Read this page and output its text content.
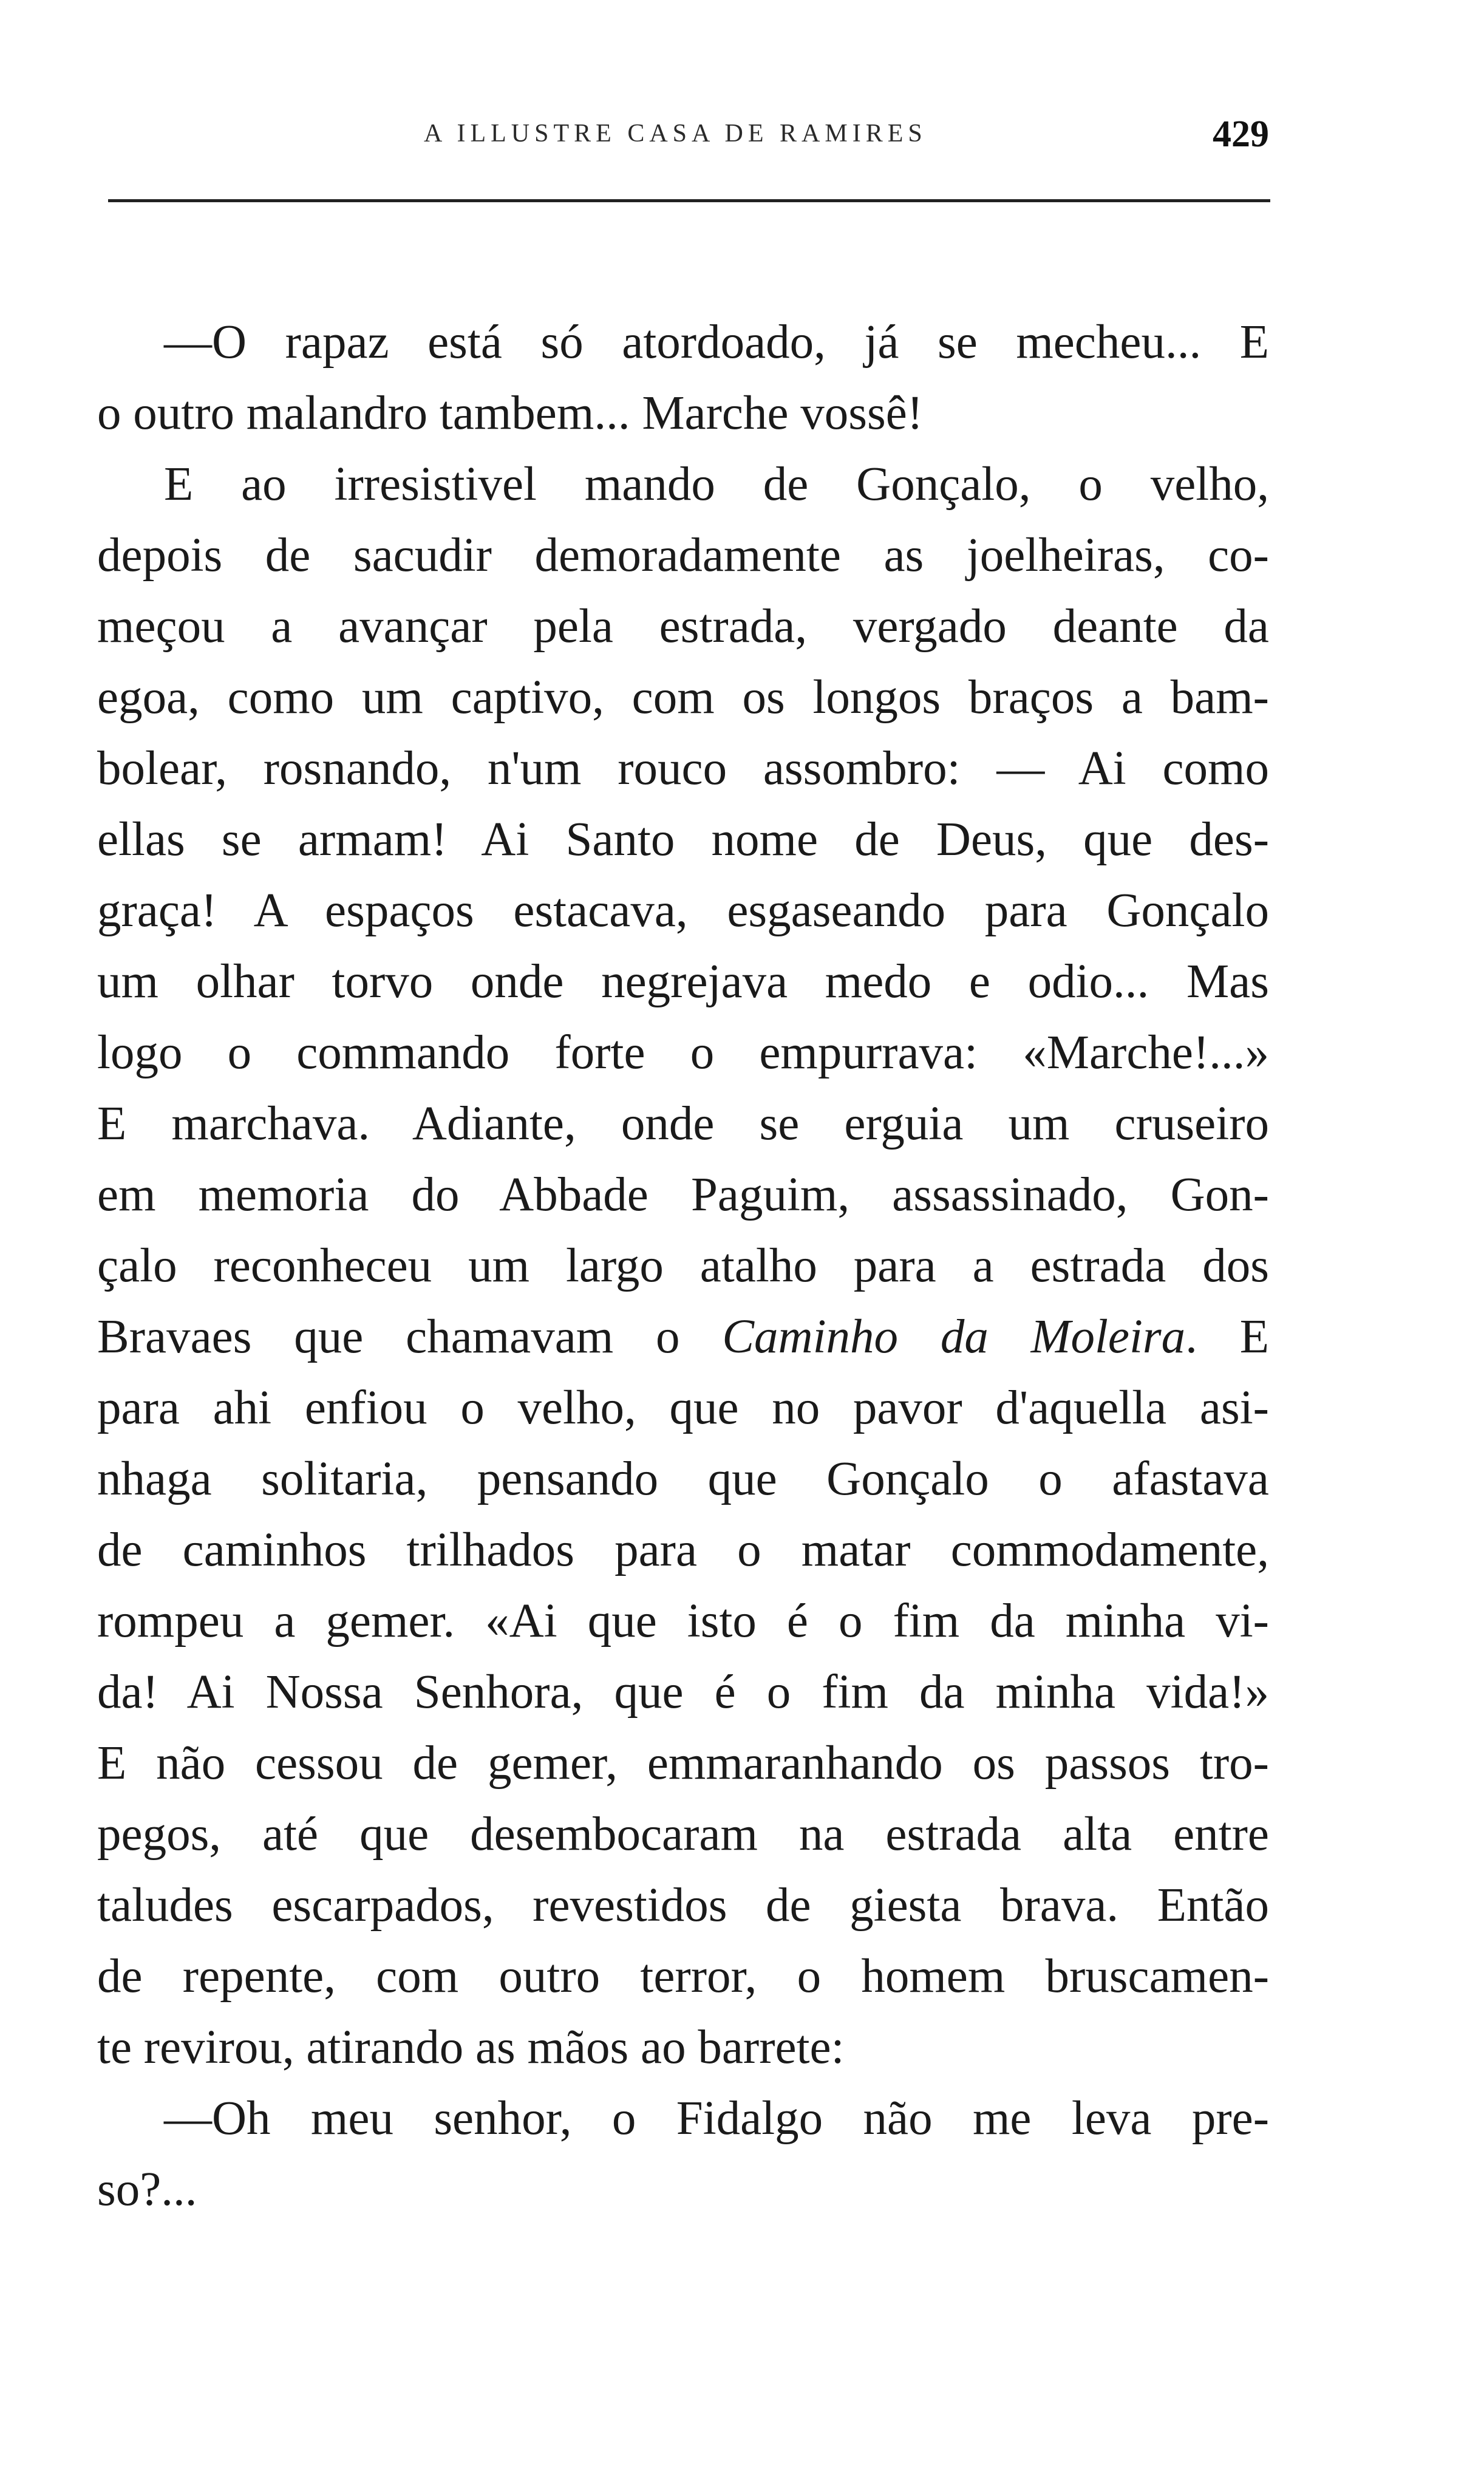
A ILLUSTRE CASA DE RAMIRES	429
—O rapaz está só atordoado, já se mecheu... E
o outro malandro tambem... Marche vossê!
E ao irresistivel mando de Gonçalo, o velho,
depois de sacudir demoradamente as joelheiras, co-
meçou a avançar pela estrada, vergado deante da
egoa, como um captivo, com os longos braços a bam-
bolear, rosnando, n'um rouco assombro: — Ai como
ellas se armam! Ai Santo nome de Deus, que des-
graça! A espaços estacava, esgaseando para Gonçalo
um olhar torvo onde negrejava medo e odio... Mas
logo o commando forte o empurrava: «Marche!...»
E marchava. Adiante, onde se erguia um cruseiro
em memoria do Abbade Paguim, assassinado, Gon-
çalo reconheceu um largo atalho para a estrada dos
Bravaes que chamavam o Caminho da Moleira. E
para ahi enfiou o velho, que no pavor d'aquella asi-
nhaga solitaria, pensando que Gonçalo o afastava
de caminhos trilhados para o matar commodamente,
rompeu a gemer. «Ai que isto é o fim da minha vi-
da! Ai Nossa Senhora, que é o fim da minha vida!»
E não cessou de gemer, emmaranhando os passos tro-
pegos, até que desembocaram na estrada alta entre
taludes escarpados, revestidos de giesta brava. Então
de repente, com outro terror, o homem bruscamen-
te revirou, atirando as mãos ao barrete:
—Oh meu senhor, o Fidalgo não me leva pre-
so?...
